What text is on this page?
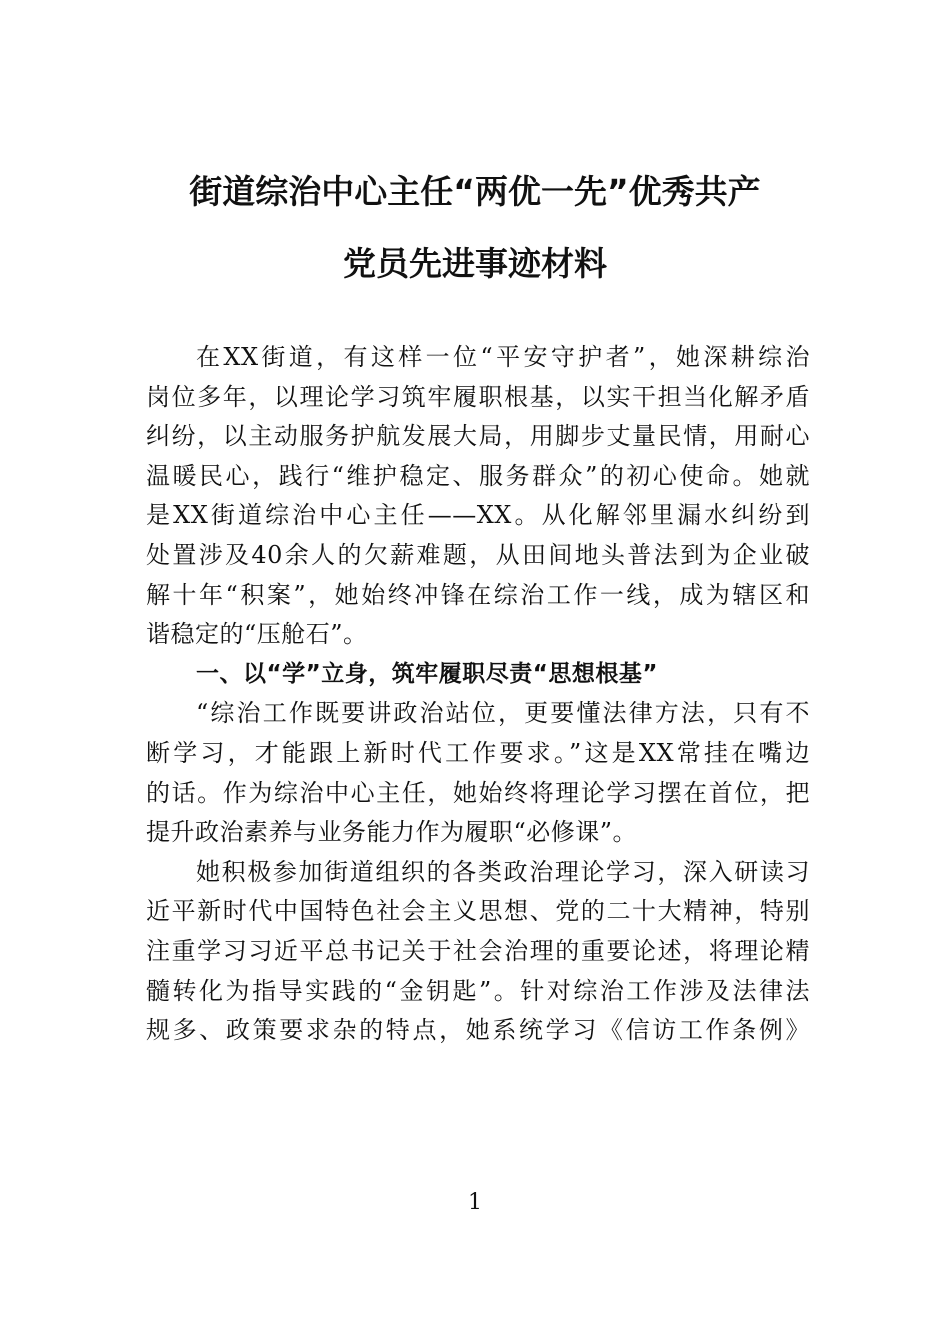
街道综治中心主任“两优一先”优秀共产
党员先进事迹材料
在XX街道，有这样一位“平安守护者”，她深耕综治
岗位多年，以理论学习筑牢履职根基，以实干担当化解矛盾
纠纷，以主动服务护航发展大局，用脚步丈量民情，用耐心
温暖民心，践行“维护稳定、服务群众”的初心使命。她就
是XX街道综治中心主任——XX。从化解邻里漏水纠纷到
处置涉及40余人的欠薪难题，从田间地头普法到为企业破
解十年“积案”，她始终冲锋在综治工作一线，成为辖区和
谐稳定的“压舱石”。
一、以“学”立身，筑牢履职尽责“思想根基”
“综治工作既要讲政治站位，更要懂法律方法，只有不
断学习，才能跟上新时代工作要求。”这是XX常挂在嘴边
的话。作为综治中心主任，她始终将理论学习摆在首位，把
提升政治素养与业务能力作为履职“必修课”。
她积极参加街道组织的各类政治理论学习，深入研读习
近平新时代中国特色社会主义思想、党的二十大精神，特别
注重学习习近平总书记关于社会治理的重要论述，将理论精
髓转化为指导实践的“金钥匙”。针对综治工作涉及法律法
规多、政策要求杂的特点，她系统学习《信访工作条例》
1
